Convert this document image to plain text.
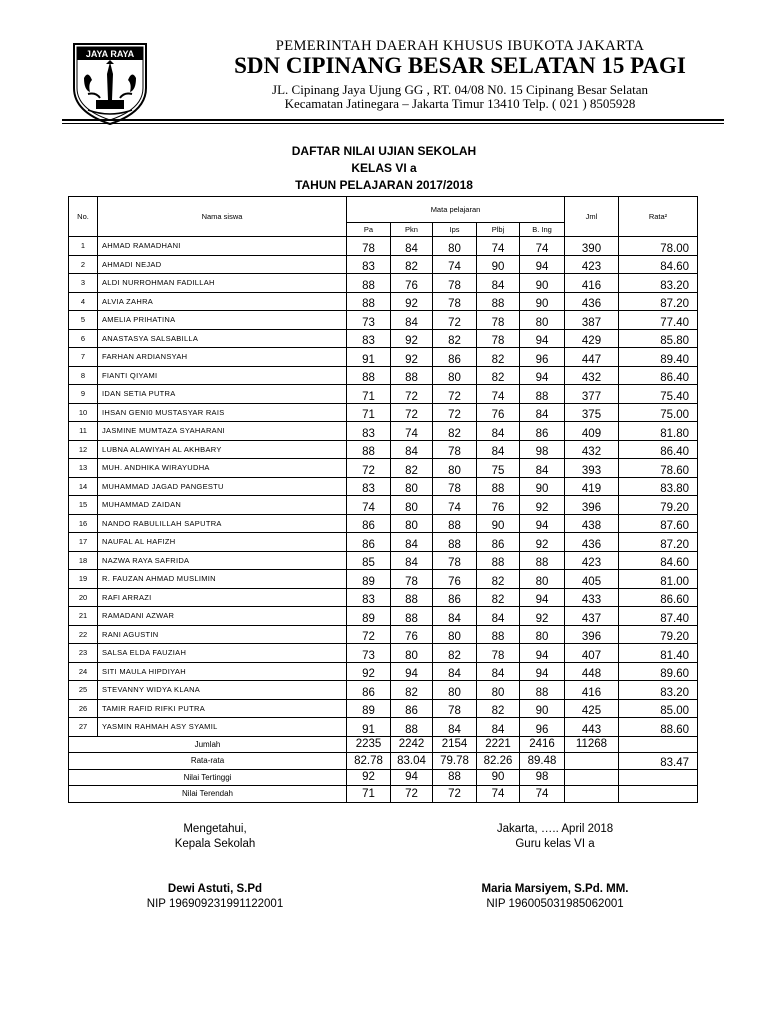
JAYA RAYA	PEMERINTAH DAERAH KHUSUS IBUKOTA JAKARTA
SDN CIPINANG BESAR SELATAN 15 PAGI
JL. Cipinang Jaya Ujung GG , RT. 04/08 N0. 15 Cipinang Besar Selatan
Kecamatan Jatinegara – Jakarta Timur 13410 Telp. ( 021 ) 8505928
DAFTAR NILAI UJIAN SEKOLAH
KELAS VI a
TAHUN PELAJARAN 2017/2018
No.	Nama siswa	Mata pelajaran					Jml	Rata²
		Pa	Pkn	Ips	Plbj	B. Ing		
1	AHMAD RAMADHANI	78	84	80	74	74	390	78.00
2	AHMADI NEJAD	83	82	74	90	94	423	84.60
3	ALDI NURROHMAN FADILLAH	88	76	78	84	90	416	83.20
4	ALVIA ZAHRA	88	92	78	88	90	436	87.20
5	AMELIA PRIHATINA	73	84	72	78	80	387	77.40
6	ANASTASYA SALSABILLA	83	92	82	78	94	429	85.80
7	FARHAN ARDIANSYAH	91	92	86	82	96	447	89.40
8	FIANTI QIYAMI	88	88	80	82	94	432	86.40
9	IDAN SETIA PUTRA	71	72	72	74	88	377	75.40
10	IHSAN GENI0 MUSTASYAR RAIS	71	72	72	76	84	375	75.00
11	JASMINE MUMTAZA SYAHARANI	83	74	82	84	86	409	81.80
12	LUBNA ALAWIYAH AL AKHBARY	88	84	78	84	98	432	86.40
13	MUH. ANDHIKA WIRAYUDHA	72	82	80	75	84	393	78.60
14	MUHAMMAD JAGAD PANGESTU	83	80	78	88	90	419	83.80
15	MUHAMMAD ZAIDAN	74	80	74	76	92	396	79.20
16	NANDO RABULILLAH SAPUTRA	86	80	88	90	94	438	87.60
17	NAUFAL AL HAFIZH	86	84	88	86	92	436	87.20
18	NAZWA RAYA SAFRIDA	85	84	78	88	88	423	84.60
19	R. FAUZAN AHMAD MUSLIMIN	89	78	76	82	80	405	81.00
20	RAFI ARRAZI	83	88	86	82	94	433	86.60
21	RAMADANI AZWAR	89	88	84	84	92	437	87.40
22	RANI AGUSTIN	72	76	80	88	80	396	79.20
23	SALSA ELDA FAUZIAH	73	80	82	78	94	407	81.40
24	SITI MAULA HIPDIYAH	92	94	84	84	94	448	89.60
25	STEVANNY WIDYA KLANA	86	82	80	80	88	416	83.20
26	TAMIR RAFID RIFKI PUTRA	89	86	78	82	90	425	85.00
27	YASMIN RAHMAH ASY SYAMIL	91	88	84	84	96	443	88.60
Jumlah		2235	2242	2154	2221	2416	11268	
Rata-rata		82.78	83.04	79.78	82.26	89.48		83.47
Nilai Tertinggi		92	94	88	90	98		
Nilai Terendah		71	72	72	74	74		
Mengetahui,
Kepala Sekolah
Dewi Astuti, S.Pd
NIP 196909231991122001
Jakarta, ….. April 2018
Guru kelas VI a
Maria Marsiyem, S.Pd. MM.
NIP 196005031985062001
